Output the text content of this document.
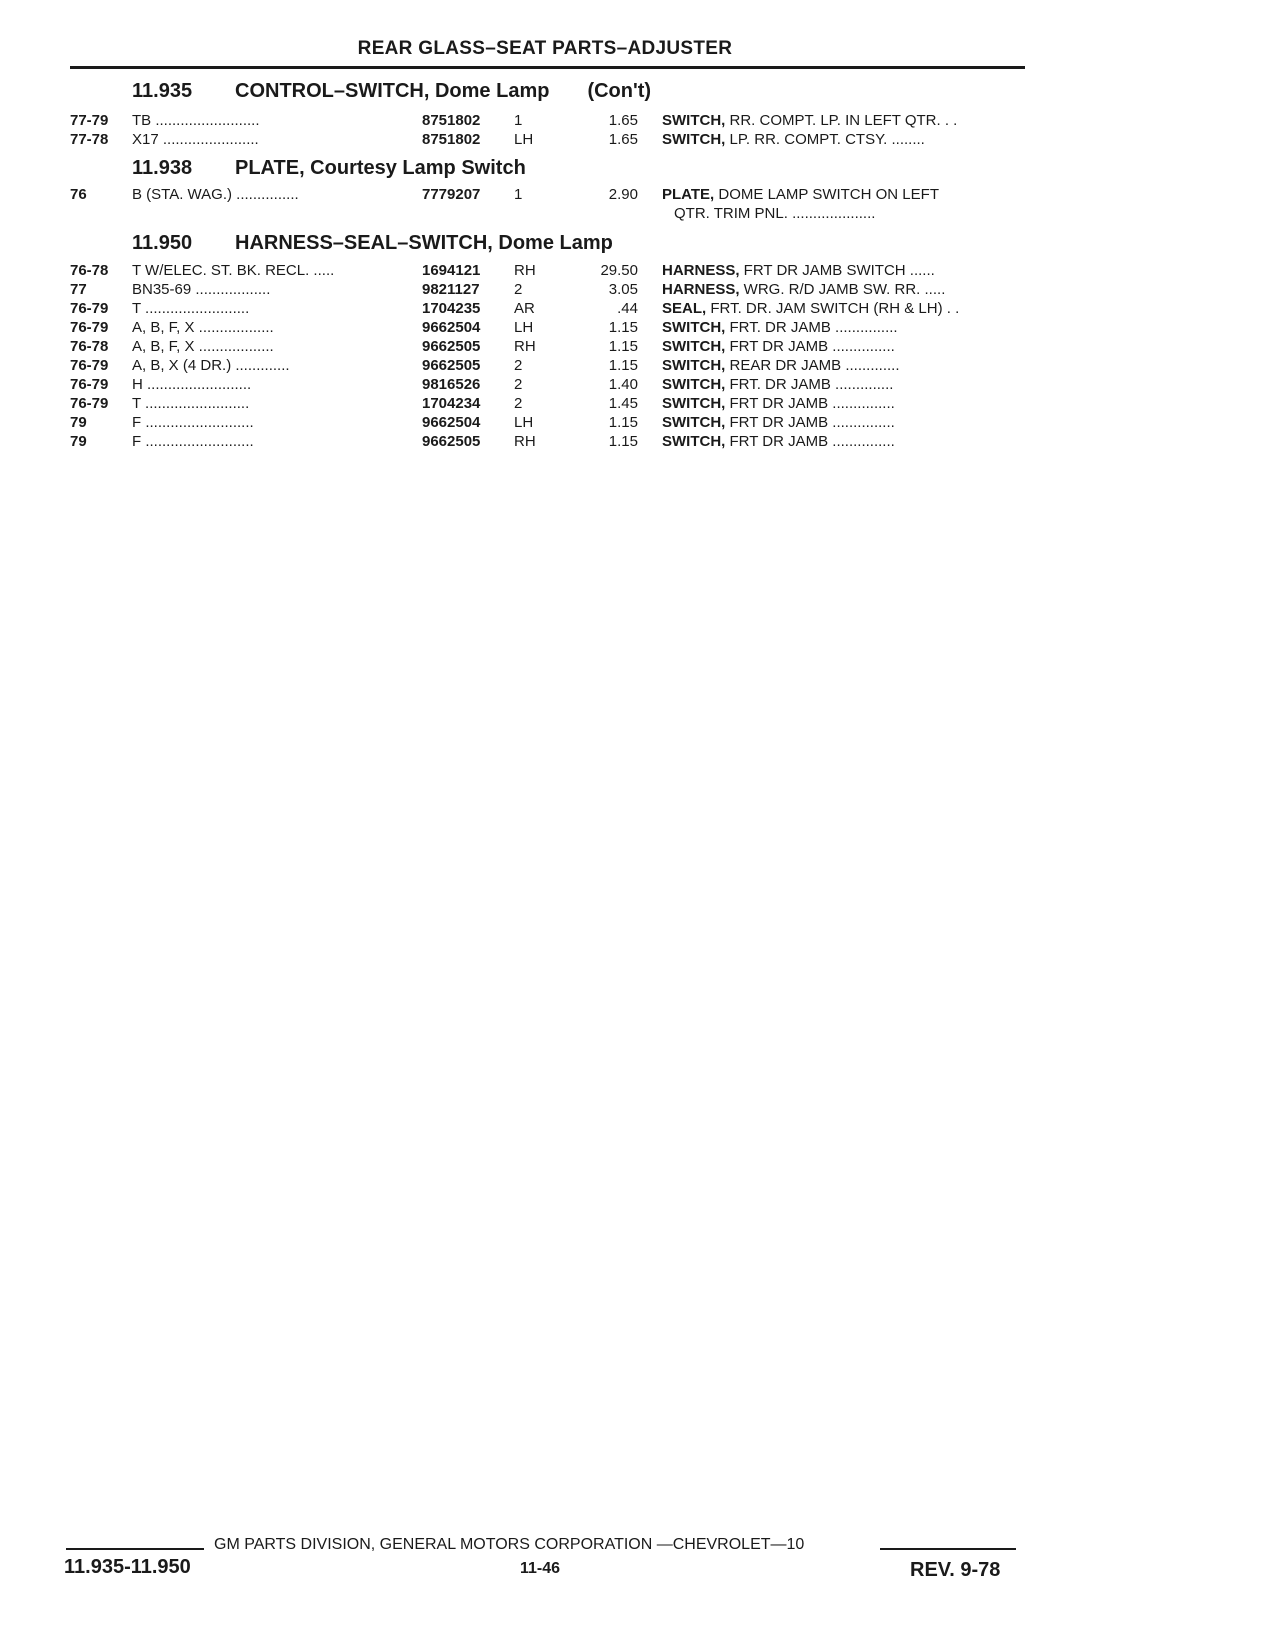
REAR GLASS–SEAT PARTS–ADJUSTER
11.935 CONTROL–SWITCH, Dome Lamp (Con't)
77-79 TB .........................	8751802 1	1.65 SWITCH, RR. COMPT. LP. IN LEFT QTR. . .
77-78 X17 .......................	8751802 LH	1.65 SWITCH, LP. RR. COMPT. CTSY. ........
11.938 PLATE, Courtesy Lamp Switch
76	B (STA. WAG.) ...............	7779207 1	2.90 PLATE, DOME LAMP SWITCH ON LEFT
QTR. TRIM PNL. ....................
11.950 HARNESS–SEAL–SWITCH, Dome Lamp
76-78 T W/ELEC. ST. BK. RECL. .....	1694121 RH	29.50 HARNESS, FRT DR JAMB SWITCH ......
77	BN35-69 ..................	9821127 2	3.05 HARNESS, WRG. R/D JAMB SW. RR. .....
76-79 T .........................	1704235 AR	.44 SEAL, FRT. DR. JAM SWITCH (RH & LH) . .
76-79 A, B, F, X ..................	9662504 LH	1.15 SWITCH, FRT. DR JAMB ...............
76-78 A, B, F, X ..................	9662505 RH	1.15 SWITCH, FRT DR JAMB ...............
76-79 A, B, X (4 DR.) .............	9662505 2	1.15 SWITCH, REAR DR JAMB .............
76-79 H .........................	9816526 2	1.40 SWITCH, FRT. DR JAMB ..............
76-79 T .........................	1704234 2	1.45 SWITCH, FRT DR JAMB ...............
79	F ..........................	9662504 LH	1.15 SWITCH, FRT DR JAMB ...............
79	F ..........................	9662505 RH	1.15 SWITCH, FRT DR JAMB ...............
GM PARTS DIVISION, GENERAL MOTORS CORPORATION —CHEVROLET—10
11.935-11.950	11-46	REV. 9-78
